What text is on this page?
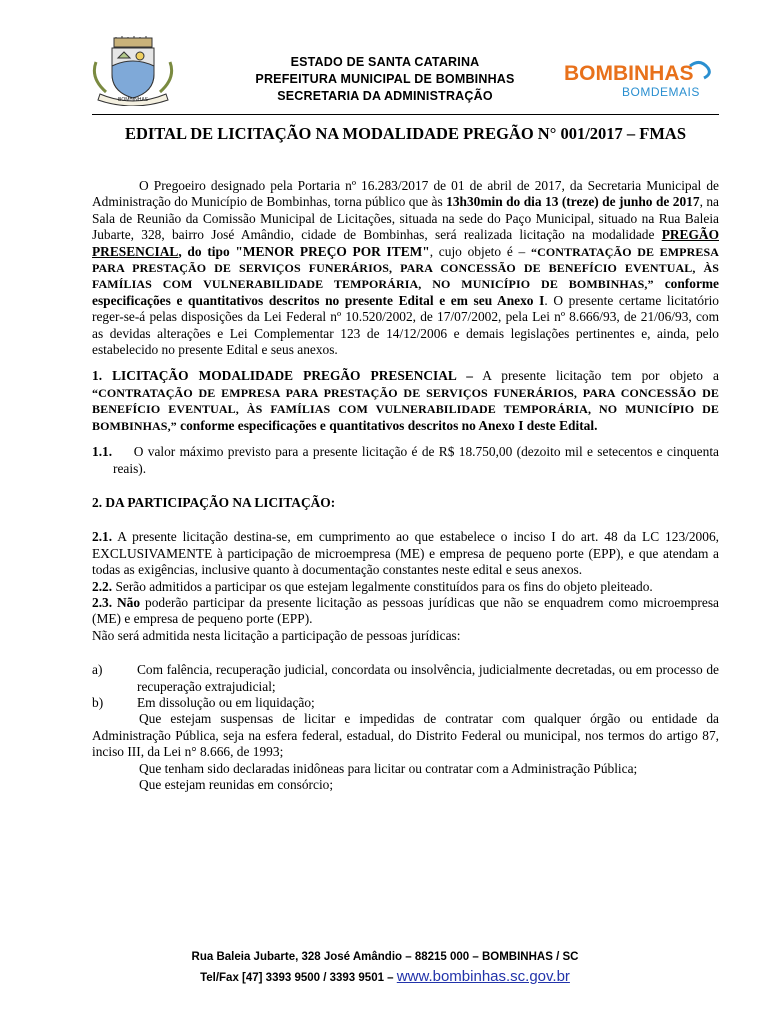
BOMBINHAS
ESTADO DE SANTA CATARINA
PREFEITURA MUNICIPAL DE BOMBINHAS
SECRETARIA DA ADMINISTRAÇÃO
BOMBINHAS
BOMDEMAIS
EDITAL DE LICITAÇÃO NA MODALIDADE PREGÃO N° 001/2017 – FMAS

O Pregoeiro designado pela Portaria nº 16.283/2017 de 01 de abril de 2017, da Secretaria Municipal de Administração do Município de Bombinhas, torna público que às 13h30min do dia 13 (treze) de junho de 2017, na Sala de Reunião da Comissão Municipal de Licitações, situada na sede do Paço Municipal, situado na Rua Baleia Jubarte, 328, bairro José Amândio, cidade de Bombinhas, será realizada licitação na modalidade PREGÃO PRESENCIAL, do tipo "MENOR PREÇO POR ITEM", cujo objeto é – “CONTRATAÇÃO DE EMPRESA PARA PRESTAÇÃO DE SERVIÇOS FUNERÁRIOS, PARA CONCESSÃO DE BENEFÍCIO EVENTUAL, ÀS FAMÍLIAS COM VULNERABILIDADE TEMPORÁRIA, NO MUNICÍPIO DE BOMBINHAS,” conforme especificações e quantitativos descritos no presente Edital e em seu Anexo I. O presente certame licitatório reger-se-á pelas disposições da Lei Federal nº 10.520/2002, de 17/07/2002, pela Lei nº 8.666/93, de 21/06/93, com as devidas alterações e Lei Complementar 123 de 14/12/2006 e demais legislações pertinentes e, ainda, pelo estabelecido no presente Edital e seus anexos.

1. LICITAÇÃO MODALIDADE PREGÃO PRESENCIAL – A presente licitação tem por objeto a “CONTRATAÇÃO DE EMPRESA PARA PRESTAÇÃO DE SERVIÇOS FUNERÁRIOS, PARA CONCESSÃO DE BENEFÍCIO EVENTUAL, ÀS FAMÍLIAS COM VULNERABILIDADE TEMPORÁRIA, NO MUNICÍPIO DE BOMBINHAS,” conforme especificações e quantitativos descritos no Anexo I deste Edital.

1.1. O valor máximo previsto para a presente licitação é de R$ 18.750,00 (dezoito mil e setecentos e cinquenta reais).

2. DA PARTICIPAÇÃO NA LICITAÇÃO:

2.1. A presente licitação destina-se, em cumprimento ao que estabelece o inciso I do art. 48 da LC 123/2006, EXCLUSIVAMENTE à participação de microempresa (ME) e empresa de pequeno porte (EPP), e que atendam a todas as exigências, inclusive quanto à documentação constantes neste edital e seus anexos.

2.2. Serão admitidos a participar os que estejam legalmente constituídos para os fins do objeto pleiteado.

2.3. Não poderão participar da presente licitação as pessoas jurídicas que não se enquadrem como microempresa (ME) e empresa de pequeno porte (EPP).

Não será admitida nesta licitação a participação de pessoas jurídicas:

a)	Com falência, recuperação judicial, concordata ou insolvência, judicialmente decretadas, ou em processo de recuperação extrajudicial;
b)	Em dissolução ou em liquidação;

Que estejam suspensas de licitar e impedidas de contratar com qualquer órgão ou entidade da Administração Pública, seja na esfera federal, estadual, do Distrito Federal ou municipal, nos termos do artigo 87, inciso III, da Lei n° 8.666, de 1993;

Que tenham sido declaradas inidôneas para licitar ou contratar com a Administração Pública;

Que estejam reunidas em consórcio;

Rua Baleia Jubarte, 328 José Amândio – 88215 000 – BOMBINHAS / SC
Tel/Fax [47] 3393 9500 / 3393 9501 – www.bombinhas.sc.gov.br
